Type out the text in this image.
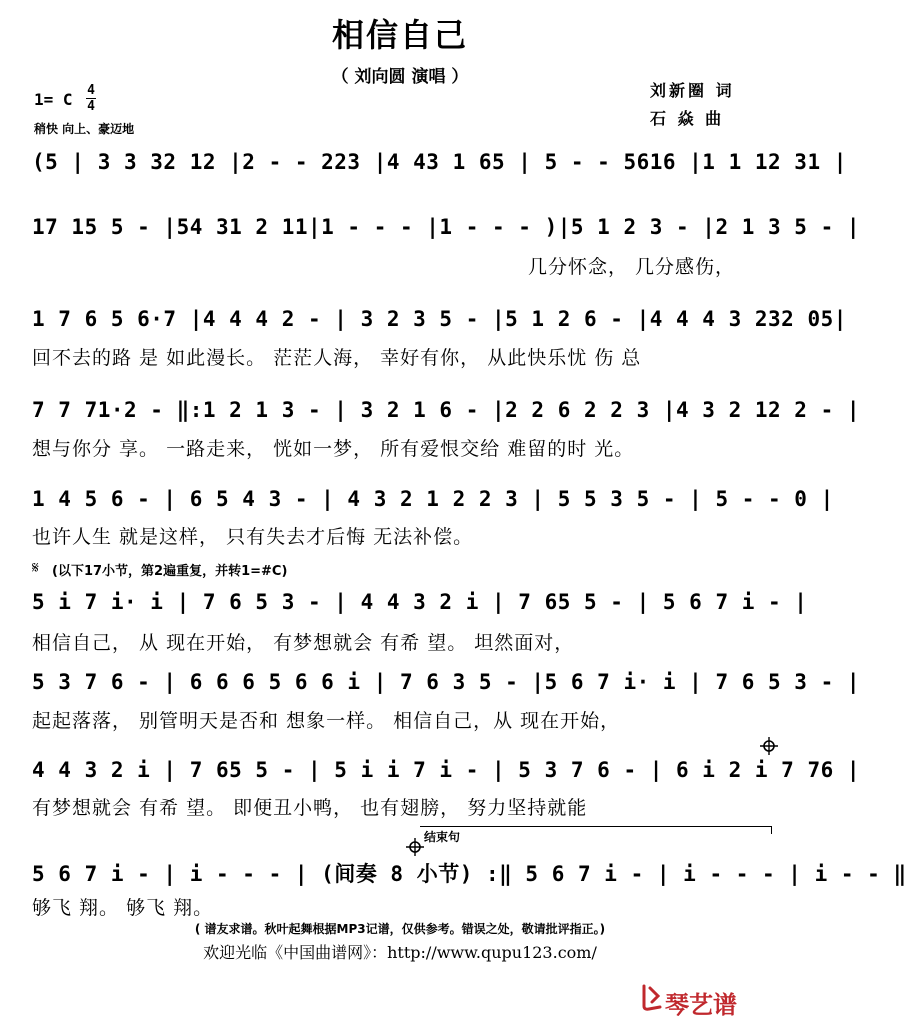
相信自己
（ 刘向圆 演唱 ）
1= C 4
4
稍快 向上、豪迈地
刘新圈 词
石 焱 曲
(5 | 3 3 32 12 |2 - - 223 |4 43 1 65 | 5 - - 5616 |1 1 12 31 |
17 15 5 - |54 31 2 11|1 - - - |1 - - - )|5 1 2 3 - |2 1 3 5 - |
几分怀念， 几分感伤，
1 7 6 5 6·7 |4 4 4 2 - | 3 2 3 5 - |5 1 2 6 - |4 4 4 3 232 05|
回不去的路 是 如此漫长。 茫茫人海， 幸好有你， 从此快乐忧 伤 总
7 7 71·2 - ‖:1 2 1 3 - | 3 2 1 6 - |2 2 6 2 2 3 |4 3 2 12 2 - |
想与你分 享。 一路走来， 恍如一梦， 所有爱恨交给 难留的时 光。
1 4 5 6 - | 6 5 4 3 - | 4 3 2 1 2 2 3 | 5 5 3 5 - | 5 - - 0 |
也许人生 就是这样， 只有失去才后悔 无法补偿。
𝄋 (以下17小节，第2遍重复，并转1=#C)
5 i 7 i· i | 7 6 5 3 - | 4 4 3 2 i | 7 65 5 - | 5 6 7 i - |
相信自己， 从 现在开始， 有梦想就会 有希 望。 坦然面对，
5 3 7 6 - | 6 6 6 5 6 6 i | 7 6 3 5 - |5 6 7 i· i | 7 6 5 3 - |
起起落落， 别管明天是否和 想象一样。 相信自己，从 现在开始，
4 4 3 2 i | 7 65 5 - | 5 i i 7 i - | 5 3 7 6 - | 6 i 2 i 7 76 |
有梦想就会 有希 望。 即便丑小鸭， 也有翅膀， 努力坚持就能
结束句
5 6 7 i - | i - - - | (间奏 8 小节) :‖ 5 6 7 i - | i - - - | i - - ‖
够飞 翔。 够飞 翔。
( 谱友求谱。秋叶起舞根据MP3记谱，仅供参考。错误之处，敬请批评指正。)
欢迎光临《中国曲谱网》：http://www.qupu123.com/
琴艺谱
